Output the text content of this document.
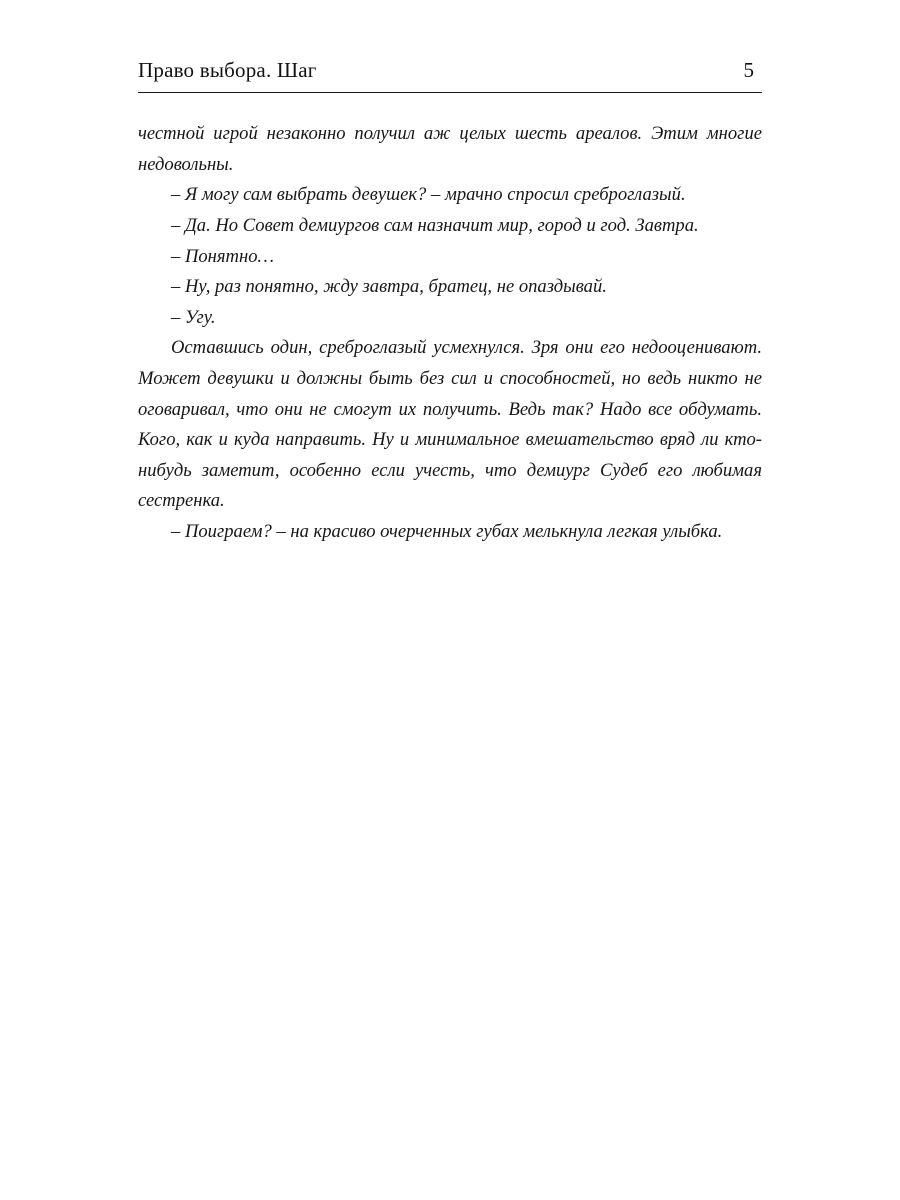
Право выбора. Шаг	5

честной игрой незаконно получил аж целых шесть ареалов. Этим многие недовольны.

– Я могу сам выбрать девушек? – мрачно спросил среброглазый.

– Да. Но Совет демиургов сам назначит мир, город и год. Завтра.

– Понятно…

– Ну, раз понятно, жду завтра, братец, не опаздывай.

– Угу.

Оставшись один, среброглазый усмехнулся. Зря они его недооценивают. Может девушки и должны быть без сил и способностей, но ведь никто не оговаривал, что они не смогут их получить. Ведь так? Надо все обдумать. Кого, как и куда направить. Ну и минимальное вмешательство вряд ли кто-нибудь заметит, особенно если учесть, что демиург Судеб его любимая сестренка.

– Поиграем? – на красиво очерченных губах мелькнула легкая улыбка.
